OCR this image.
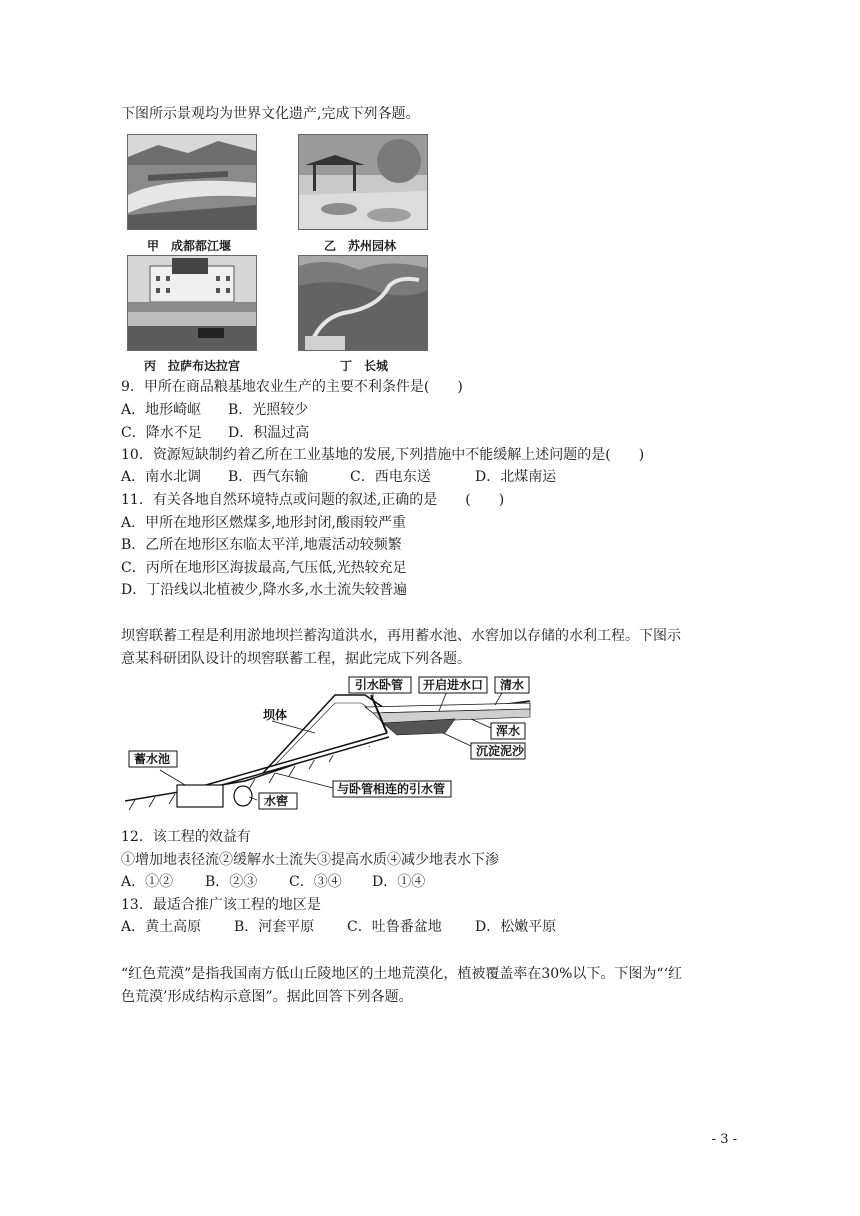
下图所示景观均为世界文化遗产,完成下列各题。
甲　成都都江堰	乙　苏州园林
丙　拉萨布达拉宫	丁　长城
9．甲所在商品粮基地农业生产的主要不利条件是(　　)
A．地形崎岖 B．光照较少
C．降水不足 D．积温过高
10．资源短缺制约着乙所在工业基地的发展,下列措施中不能缓解上述问题的是(　　)
A．南水北调 B．西气东输	C．西电东送	D．北煤南运
11．有关各地自然环境特点或问题的叙述,正确的是　　(　　)
A．甲所在地形区燃煤多,地形封闭,酸雨较严重
B．乙所在地形区东临太平洋,地震活动较频繁
C．丙所在地形区海拔最高,气压低,光热较充足
D．丁沿线以北植被少,降水多,水土流失较普遍
坝窖联蓄工程是利用淤地坝拦蓄沟道洪水，再用蓄水池、水窖加以存储的水利工程。下图示
意某科研团队设计的坝窖联蓄工程，据此完成下列各题。
引水卧管 开启进水口 清水
浑水
沉淀泥沙
坝体
蓄水池
水窖
与卧管相连的引水管
12．该工程的效益有
①增加地表径流②缓解水土流失③提高水质④减少地表水下渗
A．①② B．②③ C．③④ D．①④
13．最适合推广该工程的地区是
A．黄土高原 B．河套平原 C．吐鲁番盆地 D．松嫩平原
“红色荒漠”是指我国南方低山丘陵地区的土地荒漠化，植被覆盖率在30%以下。下图为“‘红
色荒漠’形成结构示意图”。据此回答下列各题。
- 3 -
